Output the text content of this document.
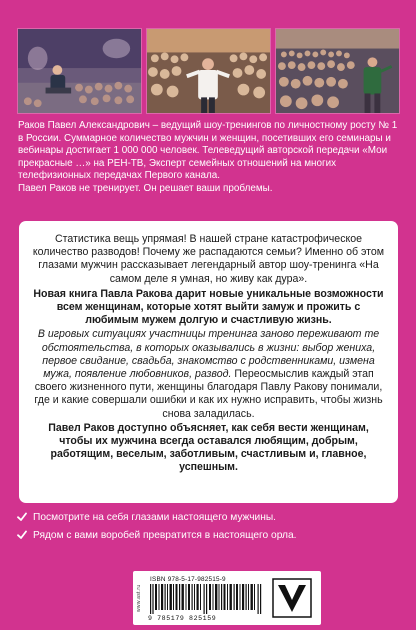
Раков Павел Александрович – ведущий шоу-тренингов по личностному росту № 1 в России. Суммарное количество мужчин и женщин, посетивших его семинары и вебинары достигает 1 000 000 человек. Телеведущий авторской передачи «Мои прекрасные …» на РЕН-ТВ, Эксперт семейных отношений на многих телефизионных передачах Первого канала.

Павел Раков не тренирует. Он решает ваши проблемы.

Статистика вещь упрямая! В нашей стране катастрофическое количество разводов! Почему же распадаются семьи? Именно об этом глазами мужчин рассказывает легендарный автор шоу-тренинга «На самом деле я умная, но живу как дура».

Новая книга Павла Ракова дарит новые уникальные возможности всем женщинам, которые хотят выйти замуж и прожить с любимым мужем долгую и счастливую жизнь.

В игровых ситуациях участницы тренинга заново переживают те обстоятельства, в которых оказывались в жизни: выбор жениха, первое свидание, свадьба, знакомство с родственниками, измена мужа, появление любовников, развод. Переосмыслив каждый этап своего жизненного пути, женщины благодаря Павлу Ракову понимали, где и какие совершали ошибки и как их нужно исправить, чтобы жизнь снова заладилась.

Павел Раков доступно объясняет, как себя вести женщинам, чтобы их мужчина всегда оставался любящим, добрым, работящим, веселым, заботливым, счастливым и, главное, успешным.

Посмотрите на себя глазами настоящего мужчины.
Рядом с вами воробей превратится в настоящего орла.
www.ast.ru
ISBN 978-5-17-982515-9
9 785179 825159
